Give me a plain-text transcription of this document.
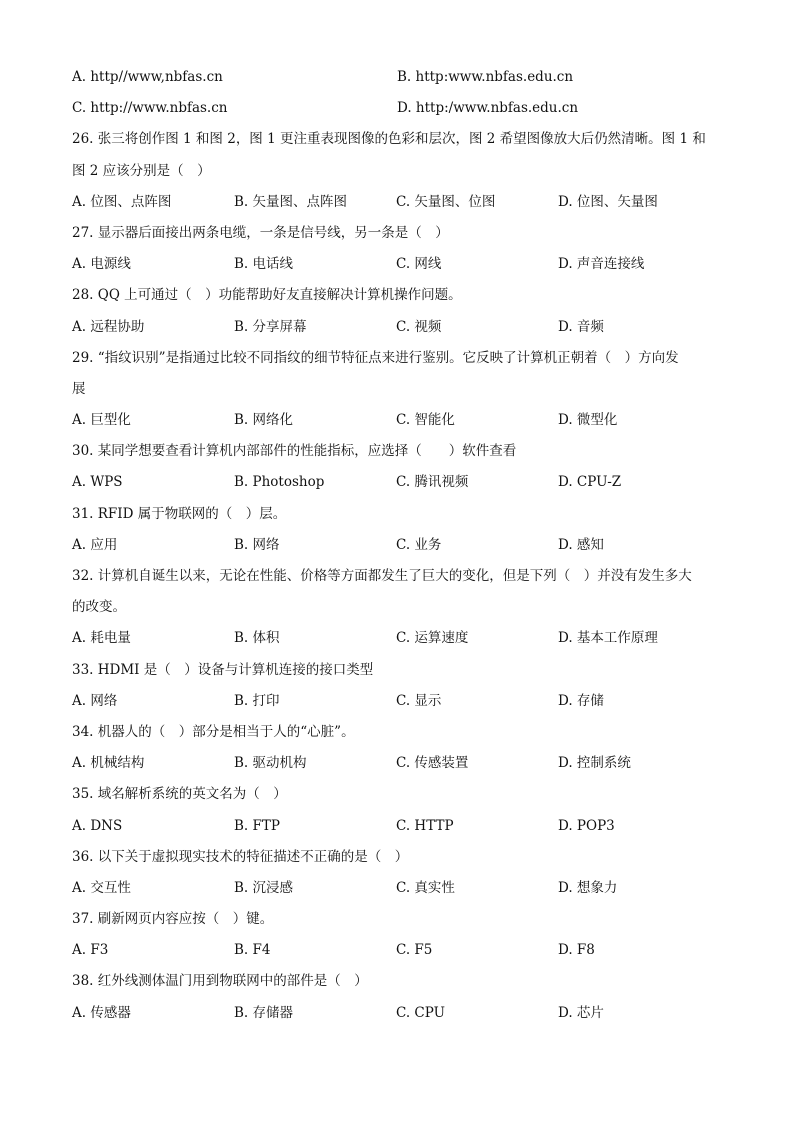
A. http//www,nbfas.cn	B. http:www.nbfas.edu.cn
C. http://www.nbfas.cn	D. http:/www.nbfas.edu.cn
26. 张三将创作图 1 和图 2，图 1 更注重表现图像的色彩和层次，图 2 希望图像放大后仍然清晰。图 1 和
图 2 应该分别是（　）
A. 位图、点阵图	B. 矢量图、点阵图	C. 矢量图、位图	D. 位图、矢量图
27. 显示器后面接出两条电缆，一条是信号线，另一条是（　）
A. 电源线	B. 电话线	C. 网线	D. 声音连接线
28. QQ 上可通过（　）功能帮助好友直接解决计算机操作问题。
A. 远程协助	B. 分享屏幕	C. 视频	D. 音频
29. “指纹识别”是指通过比较不同指纹的细节特征点来进行鉴别。它反映了计算机正朝着（　）方向发
展
A. 巨型化	B. 网络化	C. 智能化	D. 微型化
30. 某同学想要查看计算机内部部件的性能指标，应选择（　　）软件查看
A. WPS	B. Photoshop	C. 腾讯视频	D. CPU-Z
31. RFID 属于物联网的（　）层。
A. 应用	B. 网络	C. 业务	D. 感知
32. 计算机自诞生以来，无论在性能、价格等方面都发生了巨大的变化，但是下列（　）并没有发生多大
的改变。
A. 耗电量	B. 体积	C. 运算速度	D. 基本工作原理
33. HDMI 是（　）设备与计算机连接的接口类型
A. 网络	B. 打印	C. 显示	D. 存储
34. 机器人的（　）部分是相当于人的“心脏”。
A. 机械结构	B. 驱动机构	C. 传感装置	D. 控制系统
35. 域名解析系统的英文名为（　）
A. DNS	B. FTP	C. HTTP	D. POP3
36. 以下关于虚拟现实技术的特征描述不正确的是（　）
A. 交互性	B. 沉浸感	C. 真实性	D. 想象力
37. 刷新网页内容应按（　）键。
A. F3	B. F4	C. F5	D. F8
38. 红外线测体温门用到物联网中的部件是（　）
A. 传感器	B. 存储器	C. CPU	D. 芯片
